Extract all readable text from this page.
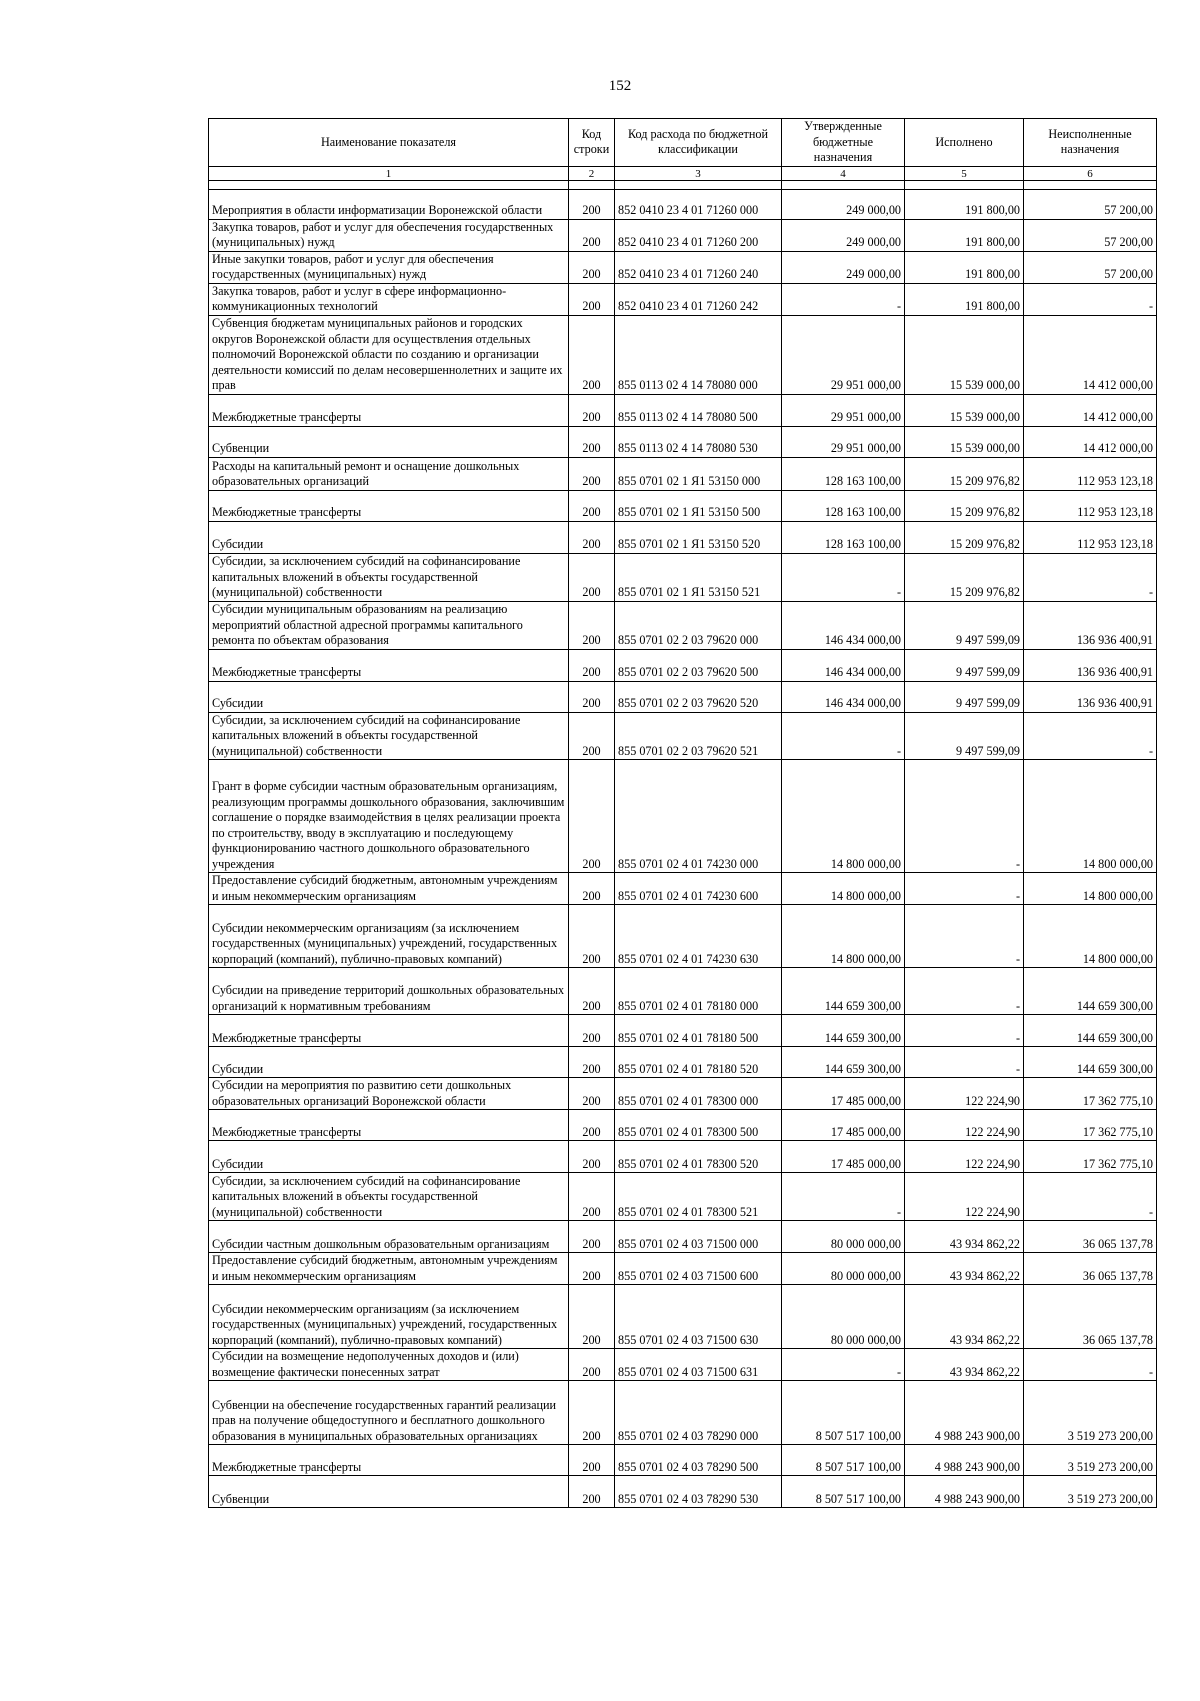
152
Наименование показателя	Код строки	Код расхода по бюджетной классификации	Утвержденные бюджетные назначения	Исполнено	Неисполненные назначения
1	2	3	4	5	6

Мероприятия в области информатизации Воронежской области	200	852 0410 23 4 01 71260 000	249 000,00	191 800,00	57 200,00
Закупка товаров, работ и услуг для обеспечения государственных (муниципальных) нужд	200	852 0410 23 4 01 71260 200	249 000,00	191 800,00	57 200,00
Иные закупки товаров, работ и услуг для обеспечения государственных (муниципальных) нужд	200	852 0410 23 4 01 71260 240	249 000,00	191 800,00	57 200,00
Закупка товаров, работ и услуг в сфере информационно-коммуникационных технологий	200	852 0410 23 4 01 71260 242	-	191 800,00	-
Субвенция бюджетам муниципальных районов и городских округов Воронежской области для осуществления отдельных полномочий Воронежской области по созданию и организации деятельности комиссий по делам несовершеннолетних и защите их прав	200	855 0113 02 4 14 78080 000	29 951 000,00	15 539 000,00	14 412 000,00
Межбюджетные трансферты	200	855 0113 02 4 14 78080 500	29 951 000,00	15 539 000,00	14 412 000,00
Субвенции	200	855 0113 02 4 14 78080 530	29 951 000,00	15 539 000,00	14 412 000,00
Расходы на капитальный ремонт и оснащение дошкольных образовательных организаций	200	855 0701 02 1 Я1 53150 000	128 163 100,00	15 209 976,82	112 953 123,18
Межбюджетные трансферты	200	855 0701 02 1 Я1 53150 500	128 163 100,00	15 209 976,82	112 953 123,18
Субсидии	200	855 0701 02 1 Я1 53150 520	128 163 100,00	15 209 976,82	112 953 123,18
Субсидии, за исключением субсидий на софинансирование капитальных вложений в объекты государственной (муниципальной) собственности	200	855 0701 02 1 Я1 53150 521	-	15 209 976,82	-
Субсидии муниципальным образованиям на реализацию мероприятий областной адресной программы капитального ремонта по объектам образования	200	855 0701 02 2 03 79620 000	146 434 000,00	9 497 599,09	136 936 400,91
Межбюджетные трансферты	200	855 0701 02 2 03 79620 500	146 434 000,00	9 497 599,09	136 936 400,91
Субсидии	200	855 0701 02 2 03 79620 520	146 434 000,00	9 497 599,09	136 936 400,91
Субсидии, за исключением субсидий на софинансирование капитальных вложений в объекты государственной (муниципальной) собственности	200	855 0701 02 2 03 79620 521	-	9 497 599,09	-
Грант в форме субсидии частным образовательным организациям, реализующим программы дошкольного образования, заключившим соглашение о порядке взаимодействия в целях реализации проекта по строительству, вводу в эксплуатацию и последующему функционированию частного дошкольного образовательного учреждения	200	855 0701 02 4 01 74230 000	14 800 000,00	-	14 800 000,00
Предоставление субсидий бюджетным, автономным учреждениям и иным некоммерческим организациям	200	855 0701 02 4 01 74230 600	14 800 000,00	-	14 800 000,00
Субсидии некоммерческим организациям (за исключением государственных (муниципальных) учреждений, государственных корпораций (компаний), публично-правовых компаний)	200	855 0701 02 4 01 74230 630	14 800 000,00	-	14 800 000,00
Субсидии на приведение территорий дошкольных образовательных организаций к нормативным требованиям	200	855 0701 02 4 01 78180 000	144 659 300,00	-	144 659 300,00
Межбюджетные трансферты	200	855 0701 02 4 01 78180 500	144 659 300,00	-	144 659 300,00
Субсидии	200	855 0701 02 4 01 78180 520	144 659 300,00	-	144 659 300,00
Субсидии на мероприятия по развитию сети дошкольных образовательных организаций Воронежской области	200	855 0701 02 4 01 78300 000	17 485 000,00	122 224,90	17 362 775,10
Межбюджетные трансферты	200	855 0701 02 4 01 78300 500	17 485 000,00	122 224,90	17 362 775,10
Субсидии	200	855 0701 02 4 01 78300 520	17 485 000,00	122 224,90	17 362 775,10
Субсидии, за исключением субсидий на софинансирование капитальных вложений в объекты государственной (муниципальной) собственности	200	855 0701 02 4 01 78300 521	-	122 224,90	-
Субсидии частным дошкольным образовательным организациям	200	855 0701 02 4 03 71500 000	80 000 000,00	43 934 862,22	36 065 137,78
Предоставление субсидий бюджетным, автономным учреждениям и иным некоммерческим организациям	200	855 0701 02 4 03 71500 600	80 000 000,00	43 934 862,22	36 065 137,78
Субсидии некоммерческим организациям (за исключением государственных (муниципальных) учреждений, государственных корпораций (компаний), публично-правовых компаний)	200	855 0701 02 4 03 71500 630	80 000 000,00	43 934 862,22	36 065 137,78
Субсидии на возмещение недополученных доходов и (или) возмещение фактически понесенных затрат	200	855 0701 02 4 03 71500 631	-	43 934 862,22	-
Субвенции на обеспечение государственных гарантий реализации прав на получение общедоступного и бесплатного дошкольного образования в муниципальных образовательных организациях	200	855 0701 02 4 03 78290 000	8 507 517 100,00	4 988 243 900,00	3 519 273 200,00
Межбюджетные трансферты	200	855 0701 02 4 03 78290 500	8 507 517 100,00	4 988 243 900,00	3 519 273 200,00
Субвенции	200	855 0701 02 4 03 78290 530	8 507 517 100,00	4 988 243 900,00	3 519 273 200,00
